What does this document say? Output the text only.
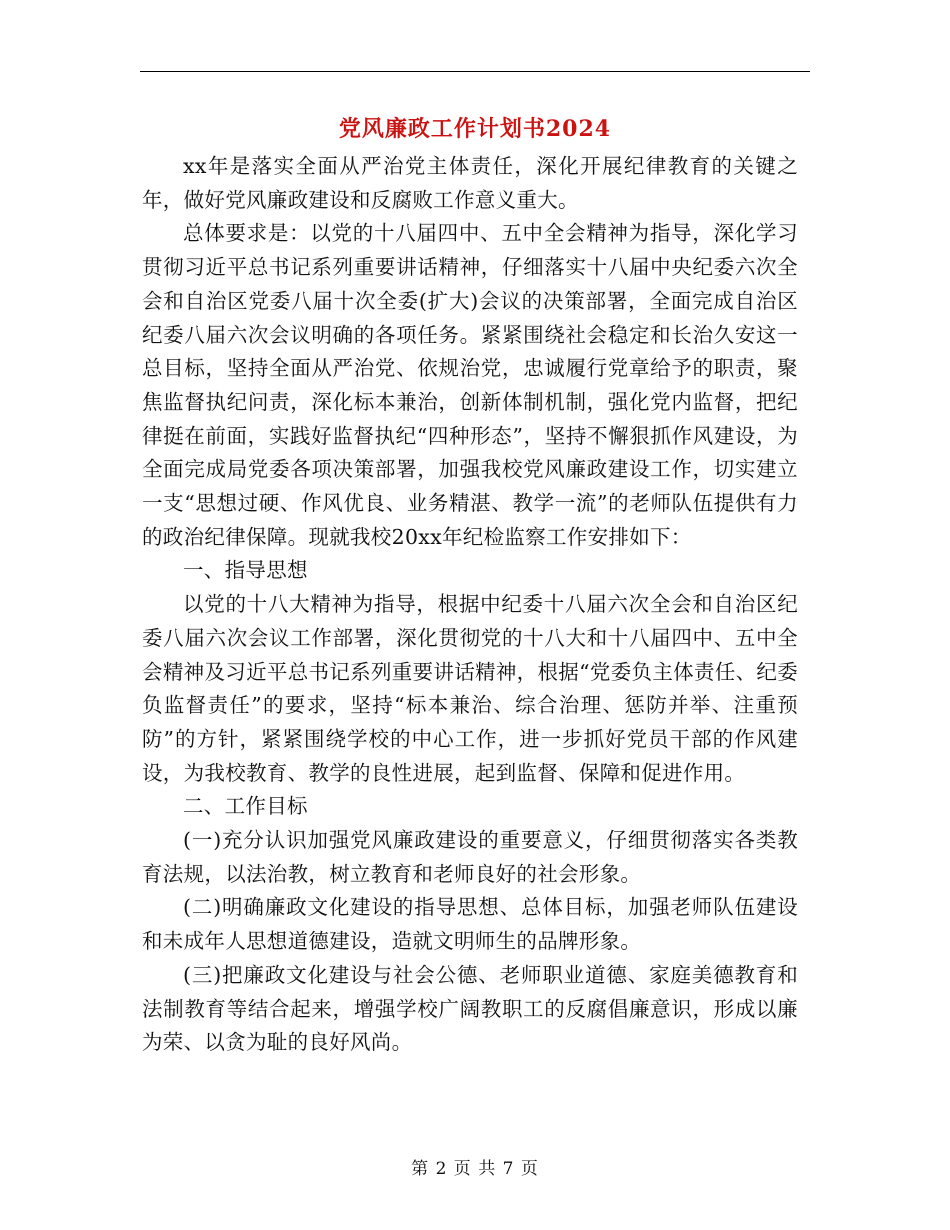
党风廉政工作计划书2024

xx年是落实全面从严治党主体责任，深化开展纪律教育的关键之年，做好党风廉政建设和反腐败工作意义重大。

总体要求是：以党的十八届四中、五中全会精神为指导，深化学习贯彻习近平总书记系列重要讲话精神，仔细落实十八届中央纪委六次全会和自治区党委八届十次全委(扩大)会议的决策部署，全面完成自治区纪委八届六次会议明确的各项任务。紧紧围绕社会稳定和长治久安这一总目标，坚持全面从严治党、依规治党，忠诚履行党章给予的职责，聚焦监督执纪问责，深化标本兼治，创新体制机制，强化党内监督，把纪律挺在前面，实践好监督执纪“四种形态”，坚持不懈狠抓作风建设，为全面完成局党委各项决策部署，加强我校党风廉政建设工作，切实建立一支“思想过硬、作风优良、业务精湛、教学一流”的老师队伍提供有力的政治纪律保障。现就我校20xx年纪检监察工作安排如下：

一、指导思想

以党的十八大精神为指导，根据中纪委十八届六次全会和自治区纪委八届六次会议工作部署，深化贯彻党的十八大和十八届四中、五中全会精神及习近平总书记系列重要讲话精神，根据“党委负主体责任、纪委负监督责任”的要求，坚持“标本兼治、综合治理、惩防并举、注重预防”的方针，紧紧围绕学校的中心工作，进一步抓好党员干部的作风建设，为我校教育、教学的良性进展，起到监督、保障和促进作用。

二、工作目标

(一)充分认识加强党风廉政建设的重要意义，仔细贯彻落实各类教育法规，以法治教，树立教育和老师良好的社会形象。

(二)明确廉政文化建设的指导思想、总体目标，加强老师队伍建设和未成年人思想道德建设，造就文明师生的品牌形象。

(三)把廉政文化建设与社会公德、老师职业道德、家庭美德教育和法制教育等结合起来，增强学校广阔教职工的反腐倡廉意识，形成以廉为荣、以贪为耻的良好风尚。

第 2 页 共 7 页
